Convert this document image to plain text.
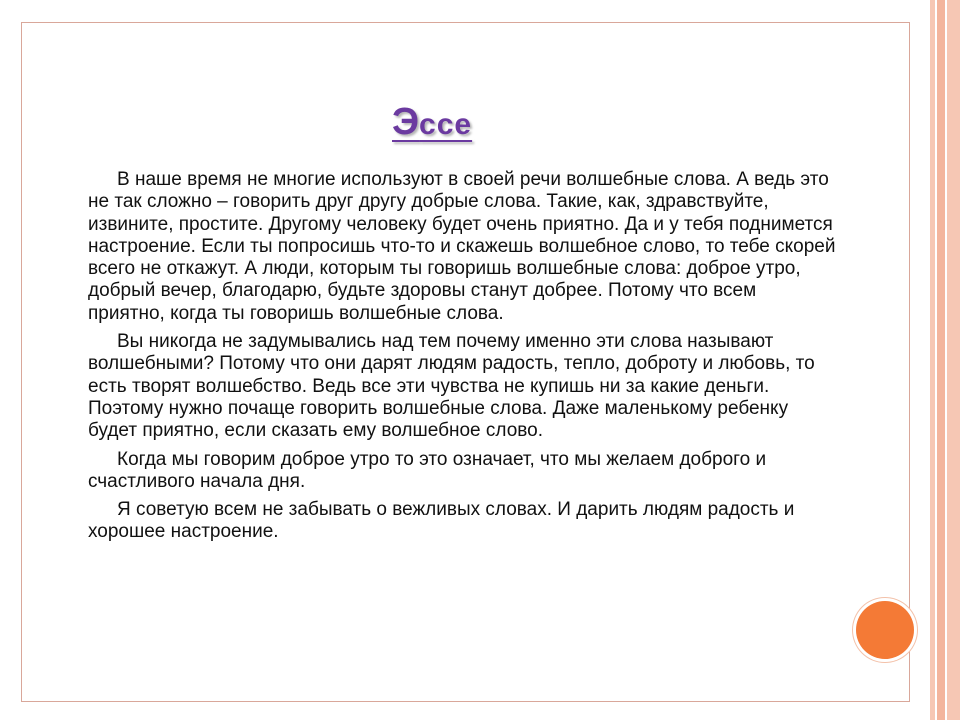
Эссе

В наше время не многие используют в своей речи волшебные слова. А ведь это не так сложно – говорить друг другу добрые слова. Такие, как, здравствуйте, извините, простите. Другому человеку будет очень приятно. Да и у тебя поднимется настроение. Если ты попросишь что-то и скажешь волшебное слово, то тебе скорей всего не откажут. А люди, которым ты говоришь волшебные слова: доброе утро, добрый вечер, благодарю, будьте здоровы станут добрее. Потому что всем приятно, когда ты говоришь волшебные слова.

Вы никогда не задумывались над тем почему именно эти слова называют волшебными? Потому что они дарят людям радость, тепло, доброту и любовь, то есть творят волшебство. Ведь все эти чувства не купишь ни за какие деньги. Поэтому нужно почаще говорить волшебные слова. Даже маленькому ребенку будет приятно, если сказать ему волшебное слово.

Когда мы говорим доброе утро то это означает, что мы желаем доброго и счастливого начала дня.

Я советую всем не забывать о вежливых словах. И дарить людям радость и хорошее настроение.
